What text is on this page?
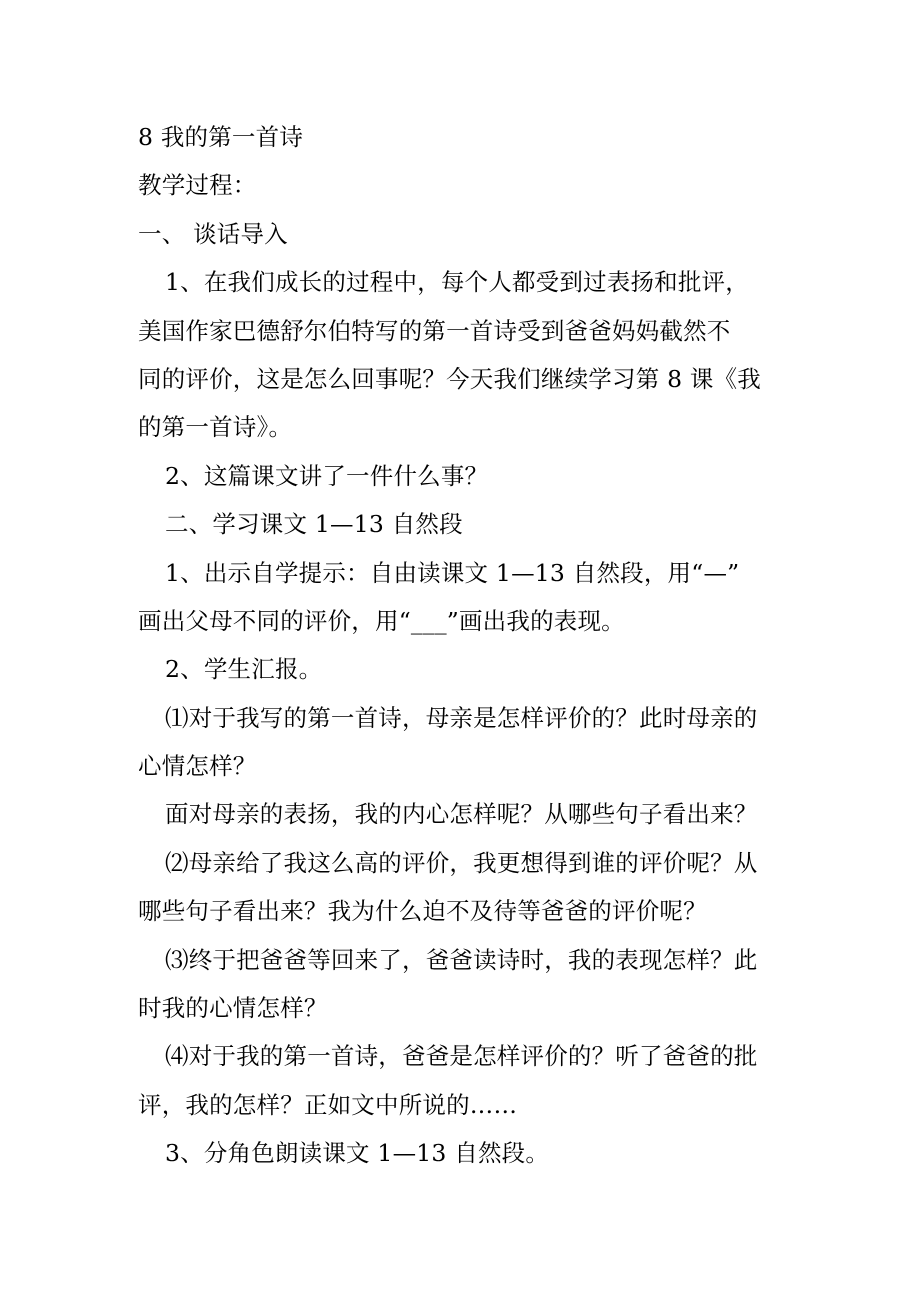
8 我的第一首诗
教学过程：
一、 谈话导入
1、在我们成长的过程中，每个人都受到过表扬和批评，
美国作家巴德舒尔伯特写的第一首诗受到爸爸妈妈截然不
同的评价，这是怎么回事呢？今天我们继续学习第 8 课《我
的第一首诗》。
2、这篇课文讲了一件什么事？
二、学习课文 1—13 自然段
1、出示自学提示：自由读课文 1—13 自然段，用“—”
画出父母不同的评价，用“___”画出我的表现。
2、学生汇报。
⑴对于我写的第一首诗，母亲是怎样评价的？此时母亲的
心情怎样？
面对母亲的表扬，我的内心怎样呢？从哪些句子看出来？
⑵母亲给了我这么高的评价，我更想得到谁的评价呢？从
哪些句子看出来？我为什么迫不及待等爸爸的评价呢？
⑶终于把爸爸等回来了，爸爸读诗时，我的表现怎样？此
时我的心情怎样？
⑷对于我的第一首诗，爸爸是怎样评价的？听了爸爸的批
评，我的怎样？正如文中所说的……
3、分角色朗读课文 1—13 自然段。
